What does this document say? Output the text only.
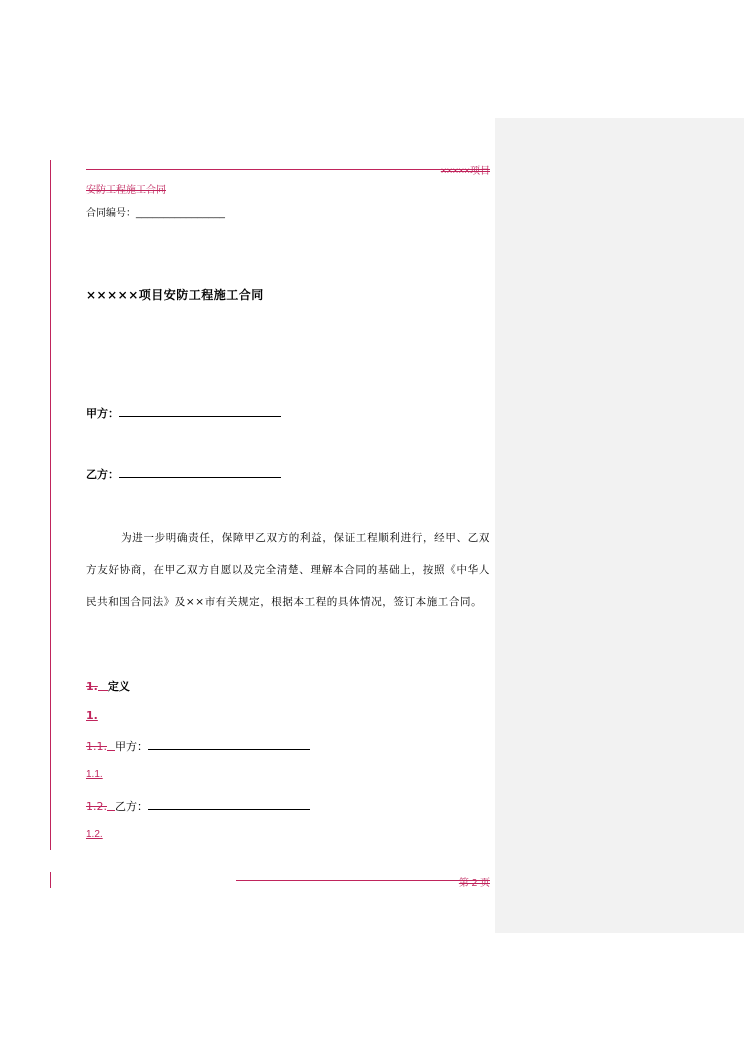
×××××项目
安防工程施工合同
合同编号：________________
×××××项目安防工程施工合同
甲方：
乙方：

为进一步明确责任，保障甲乙双方的利益，保证工程顺利进行，经甲、乙双方友好协商，在甲乙双方自愿以及完全清楚、理解本合同的基础上，按照《中华人民共和国合同法》及××市有关规定，根据本工程的具体情况，签订本施工合同。

1. 定义
1.
1.1. 甲方：
1.1.
1.2. 乙方：
1.2.
第 2 页
